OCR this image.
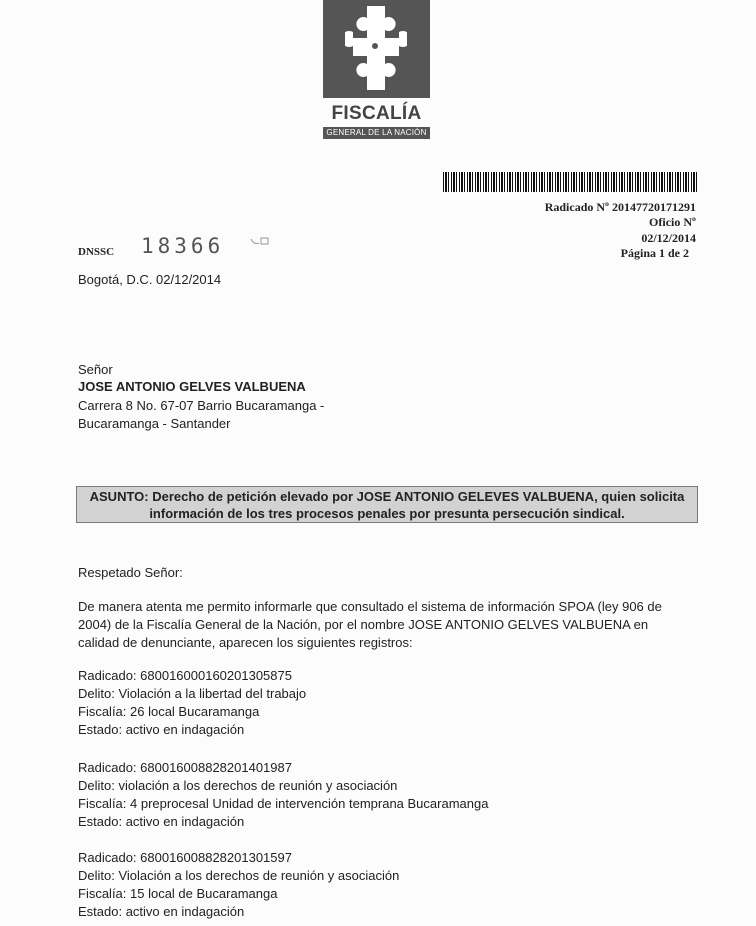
FISCALÍA
GENERAL DE LA NACIÓN
Radicado Nº 20147720171291
Oficio Nº
02/12/2014
Página 1 de 2
DNSSC 18366
Bogotá, D.C. 02/12/2014
Señor
JOSE ANTONIO GELVES VALBUENA
Carrera 8 No. 67-07 Barrio Bucaramanga -
Bucaramanga - Santander
ASUNTO: Derecho de petición elevado por JOSE ANTONIO GELEVES VALBUENA, quien solicita
información de los tres procesos penales por presunta persecución sindical.
Respetado Señor:
De manera atenta me permito informarle que consultado el sistema de información SPOA (ley 906 de
2004) de la Fiscalía General de la Nación, por el nombre JOSE ANTONIO GELVES VALBUENA en
calidad de denunciante, aparecen los siguientes registros:
Radicado: 680016000160201305875
Delito: Violación a la libertad del trabajo
Fiscalía: 26 local Bucaramanga
Estado: activo en indagación
Radicado: 680016008828201401987
Delito: violación a los derechos de reunión y asociación
Fiscalía: 4 preprocesal Unidad de intervención temprana Bucaramanga
Estado: activo en indagación
Radicado: 680016008828201301597
Delito: Violación a los derechos de reunión y asociación
Fiscalía: 15 local de Bucaramanga
Estado: activo en indagación
